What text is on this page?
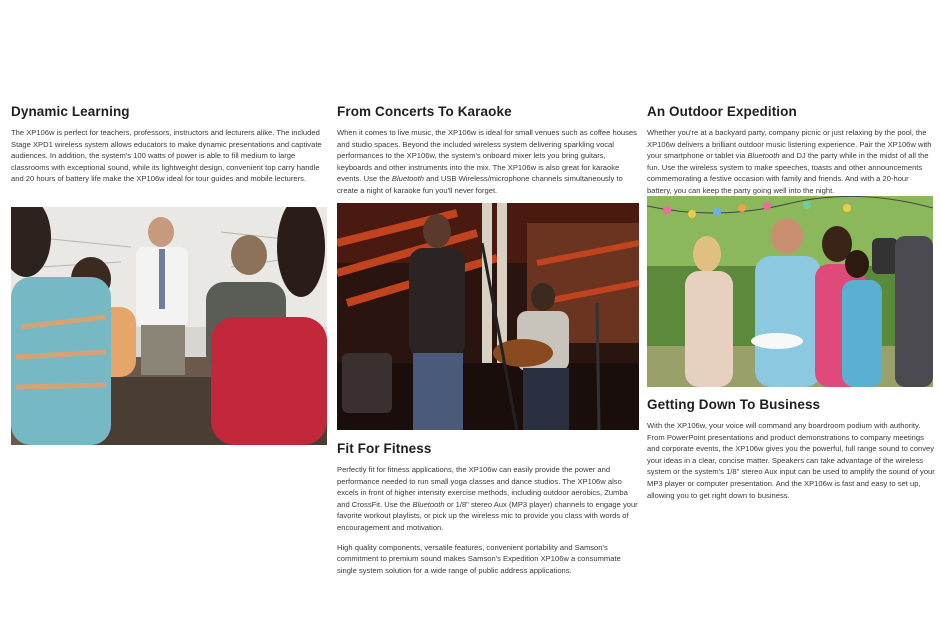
Dynamic Learning

The XP106w is perfect for teachers, professors, instructors and lecturers alike. The included Stage XPD1 wireless system allows educators to make dynamic presentations and captivate audiences. In addition, the system's 100 watts of power is able to fill medium to large classrooms with exceptional sound, while its lightweight design, convenient top carry handle and 20 hours of battery life make the XP106w ideal for tour guides and mobile lecturers.

From Concerts To Karaoke

When it comes to live music, the XP106w is ideal for small venues such as coffee houses and studio spaces. Beyond the included wireless system delivering sparkling vocal performances to the XP106w, the system's onboard mixer lets you bring guitars, keyboards and other instruments into the mix. The XP106w is also great for karaoke events. Use the Bluetooth and USB Wireless/microphone channels simultaneously to create a night of karaoke fun you'll never forget.

Fit For Fitness

Perfectly fit for fitness applications, the XP106w can easily provide the power and performance needed to run small yoga classes and dance studios. The XP106w also excels in front of higher intensity exercise methods, including outdoor aerobics, Zumba and CrossFit. Use the Bluetooth or 1/8" stereo Aux (MP3 player) channels to engage your favorite workout playlists, or pick up the wireless mic to provide you class with words of encouragement and motivation.

High quality components, versatile features, convenient portability and Samson's commitment to premium sound makes Samson's Expedition XP106w a consummate single system solution for a wide range of public address applications.

An Outdoor Expedition

Whether you're at a backyard party, company picnic or just relaxing by the pool, the XP106w delivers a brilliant outdoor music listening experience. Pair the XP106w with your smartphone or tablet via Bluetooth and DJ the party while in the midst of all the fun. Use the wireless system to make speeches, toasts and other announcements commemorating a festive occasion with family and friends. And with a 20-hour battery, you can keep the party going well into the night.

Getting Down To Business

With the XP106w, your voice will command any boardroom podium with authority. From PowerPoint presentations and product demonstrations to company meetings and corporate events, the XP106w gives you the powerful, full range sound to convey your ideas in a clear, concise matter. Speakers can take advantage of the wireless system or the system's 1/8" stereo Aux input can be used to amplify the sound of your MP3 player or computer presentation. And the XP106w is fast and easy to set up, allowing you to get right down to business.
